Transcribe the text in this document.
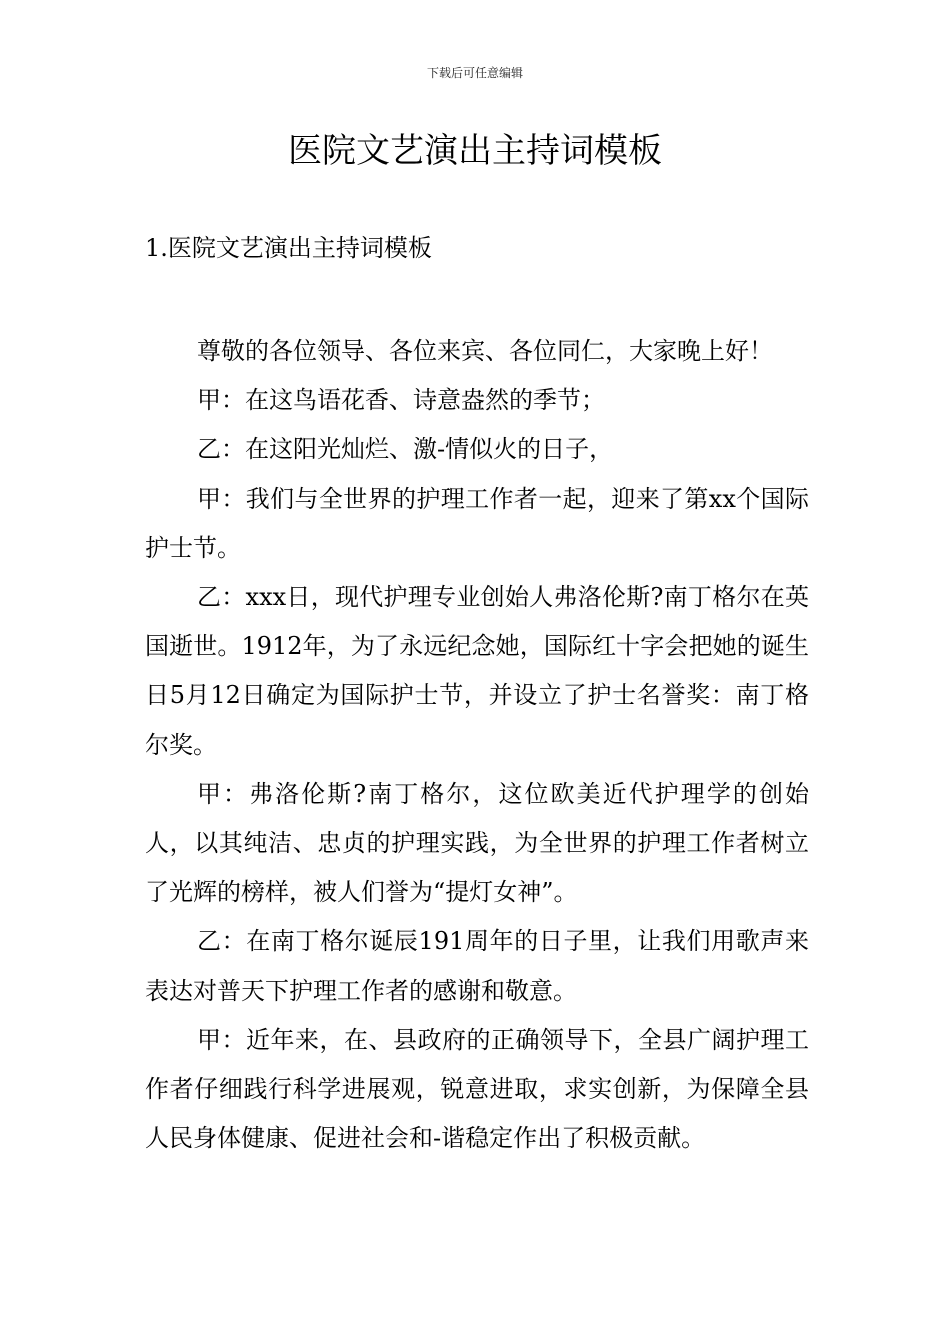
下载后可任意编辑
医院文艺演出主持词模板
1.医院文艺演出主持词模板

尊敬的各位领导、各位来宾、各位同仁，大家晚上好！

甲：在这鸟语花香、诗意盎然的季节；

乙：在这阳光灿烂、激-情似火的日子，

甲：我们与全世界的护理工作者一起，迎来了第xx个国际护士节。

乙：xxx日，现代护理专业创始人弗洛伦斯?南丁格尔在英国逝世。1912年，为了永远纪念她，国际红十字会把她的诞生日5月12日确定为国际护士节，并设立了护士名誉奖：南丁格尔奖。

甲：弗洛伦斯?南丁格尔，这位欧美近代护理学的创始人，以其纯洁、忠贞的护理实践，为全世界的护理工作者树立了光辉的榜样，被人们誉为“提灯女神”。

乙：在南丁格尔诞辰191周年的日子里，让我们用歌声来表达对普天下护理工作者的感谢和敬意。

甲：近年来，在、县政府的正确领导下，全县广阔护理工作者仔细践行科学进展观，锐意进取，求实创新，为保障全县人民身体健康、促进社会和-谐稳定作出了积极贡献。
